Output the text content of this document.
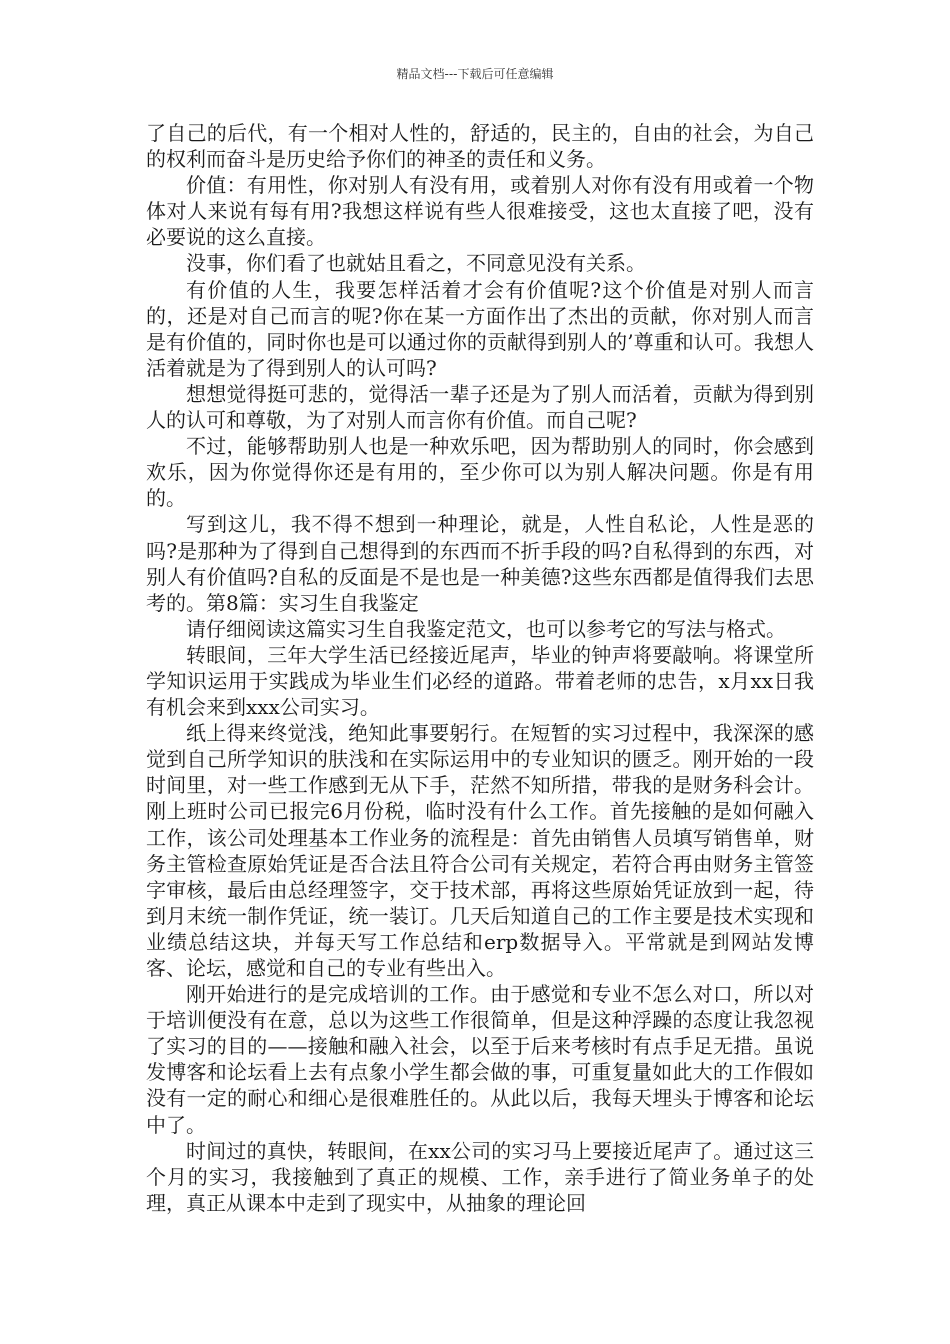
精品文档---下载后可任意编辑

了自己的后代，有一个相对人性的，舒适的，民主的，自由的社会，为自己的权利而奋斗是历史给予你们的神圣的责任和义务。

价值：有用性，你对别人有没有用，或着别人对你有没有用或着一个物体对人来说有每有用?我想这样说有些人很难接受，这也太直接了吧，没有必要说的这么直接。

没事，你们看了也就姑且看之，不同意见没有关系。

有价值的人生，我要怎样活着才会有价值呢?这个价值是对别人而言的，还是对自己而言的呢?你在某一方面作出了杰出的贡献，你对别人而言是有价值的，同时你也是可以通过你的贡献得到别人的’尊重和认可。我想人活着就是为了得到别人的认可吗?

想想觉得挺可悲的，觉得活一辈子还是为了别人而活着，贡献为得到别人的认可和尊敬，为了对别人而言你有价值。而自己呢?

不过，能够帮助别人也是一种欢乐吧，因为帮助别人的同时，你会感到欢乐，因为你觉得你还是有用的，至少你可以为别人解决问题。你是有用的。

写到这儿，我不得不想到一种理论，就是，人性自私论，人性是恶的吗?是那种为了得到自己想得到的东西而不折手段的吗?自私得到的东西，对别人有价值吗?自私的反面是不是也是一种美德?这些东西都是值得我们去思考的。第8篇：实习生自我鉴定

请仔细阅读这篇实习生自我鉴定范文，也可以参考它的写法与格式。

转眼间，三年大学生活已经接近尾声，毕业的钟声将要敲响。将课堂所学知识运用于实践成为毕业生们必经的道路。带着老师的忠告，x月xx日我有机会来到xxx公司实习。

纸上得来终觉浅，绝知此事要躬行。在短暂的实习过程中，我深深的感觉到自己所学知识的肤浅和在实际运用中的专业知识的匮乏。刚开始的一段时间里，对一些工作感到无从下手，茫然不知所措，带我的是财务科会计。刚上班时公司已报完6月份税，临时没有什么工作。首先接触的是如何融入工作，该公司处理基本工作业务的流程是：首先由销售人员填写销售单，财务主管检查原始凭证是否合法且符合公司有关规定，若符合再由财务主管签字审核，最后由总经理签字，交于技术部，再将这些原始凭证放到一起，待到月末统一制作凭证，统一装订。几天后知道自己的工作主要是技术实现和业绩总结这块，并每天写工作总结和erp数据导入。平常就是到网站发博客、论坛，感觉和自己的专业有些出入。

刚开始进行的是完成培训的工作。由于感觉和专业不怎么对口，所以对于培训便没有在意，总以为这些工作很简单，但是这种浮躁的态度让我忽视了实习的目的——接触和融入社会，以至于后来考核时有点手足无措。虽说发博客和论坛看上去有点象小学生都会做的事，可重复量如此大的工作假如没有一定的耐心和细心是很难胜任的。从此以后，我每天埋头于博客和论坛中了。

时间过的真快，转眼间，在xx公司的实习马上要接近尾声了。通过这三个月的实习，我接触到了真正的规模、工作，亲手进行了简业务单子的处理，真正从课本中走到了现实中，从抽象的理论回
